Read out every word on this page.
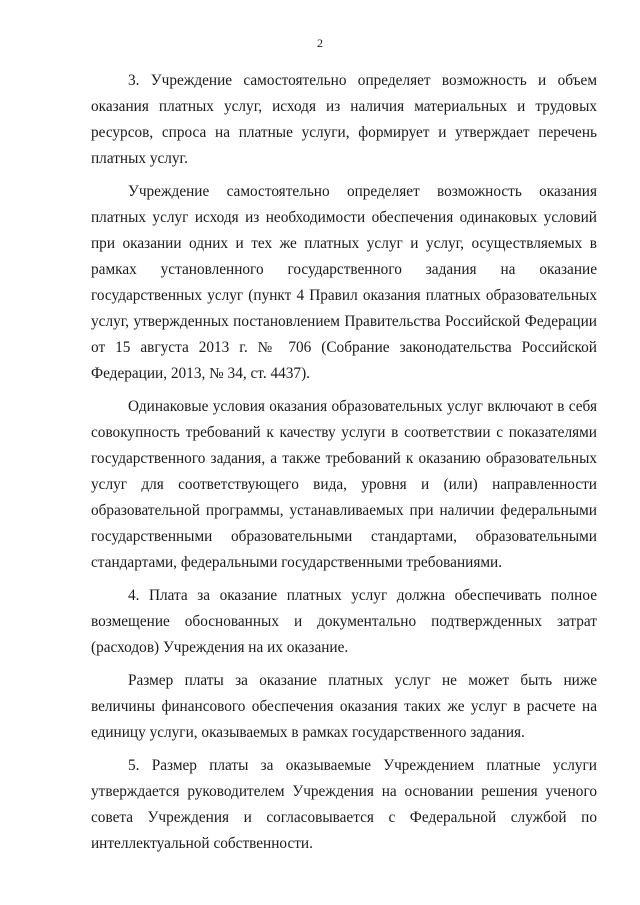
2

3. Учреждение самостоятельно определяет возможность и объем оказания платных услуг, исходя из наличия материальных и трудовых ресурсов, спроса на платные услуги, формирует и утверждает перечень платных услуг.

Учреждение самостоятельно определяет возможность оказания платных услуг исходя из необходимости обеспечения одинаковых условий при оказании одних и тех же платных услуг и услуг, осуществляемых в рамках установленного государственного задания на оказание государственных услуг (пункт 4 Правил оказания платных образовательных услуг, утвержденных постановлением Правительства Российской Федерации от 15 августа 2013 г. № 706 (Собрание законодательства Российской Федерации, 2013, № 34, ст. 4437).

Одинаковые условия оказания образовательных услуг включают в себя совокупность требований к качеству услуги в соответствии с показателями государственного задания, а также требований к оказанию образовательных услуг для соответствующего вида, уровня и (или) направленности образовательной программы, устанавливаемых при наличии федеральными государственными образовательными стандартами, образовательными стандартами, федеральными государственными требованиями.

4. Плата за оказание платных услуг должна обеспечивать полное возмещение обоснованных и документально подтвержденных затрат (расходов) Учреждения на их оказание.

Размер платы за оказание платных услуг не может быть ниже величины финансового обеспечения оказания таких же услуг в расчете на единицу услуги, оказываемых в рамках государственного задания.

5. Размер платы за оказываемые Учреждением платные услуги утверждается руководителем Учреждения на основании решения ученого совета Учреждения и согласовывается с Федеральной службой по интеллектуальной собственности.
